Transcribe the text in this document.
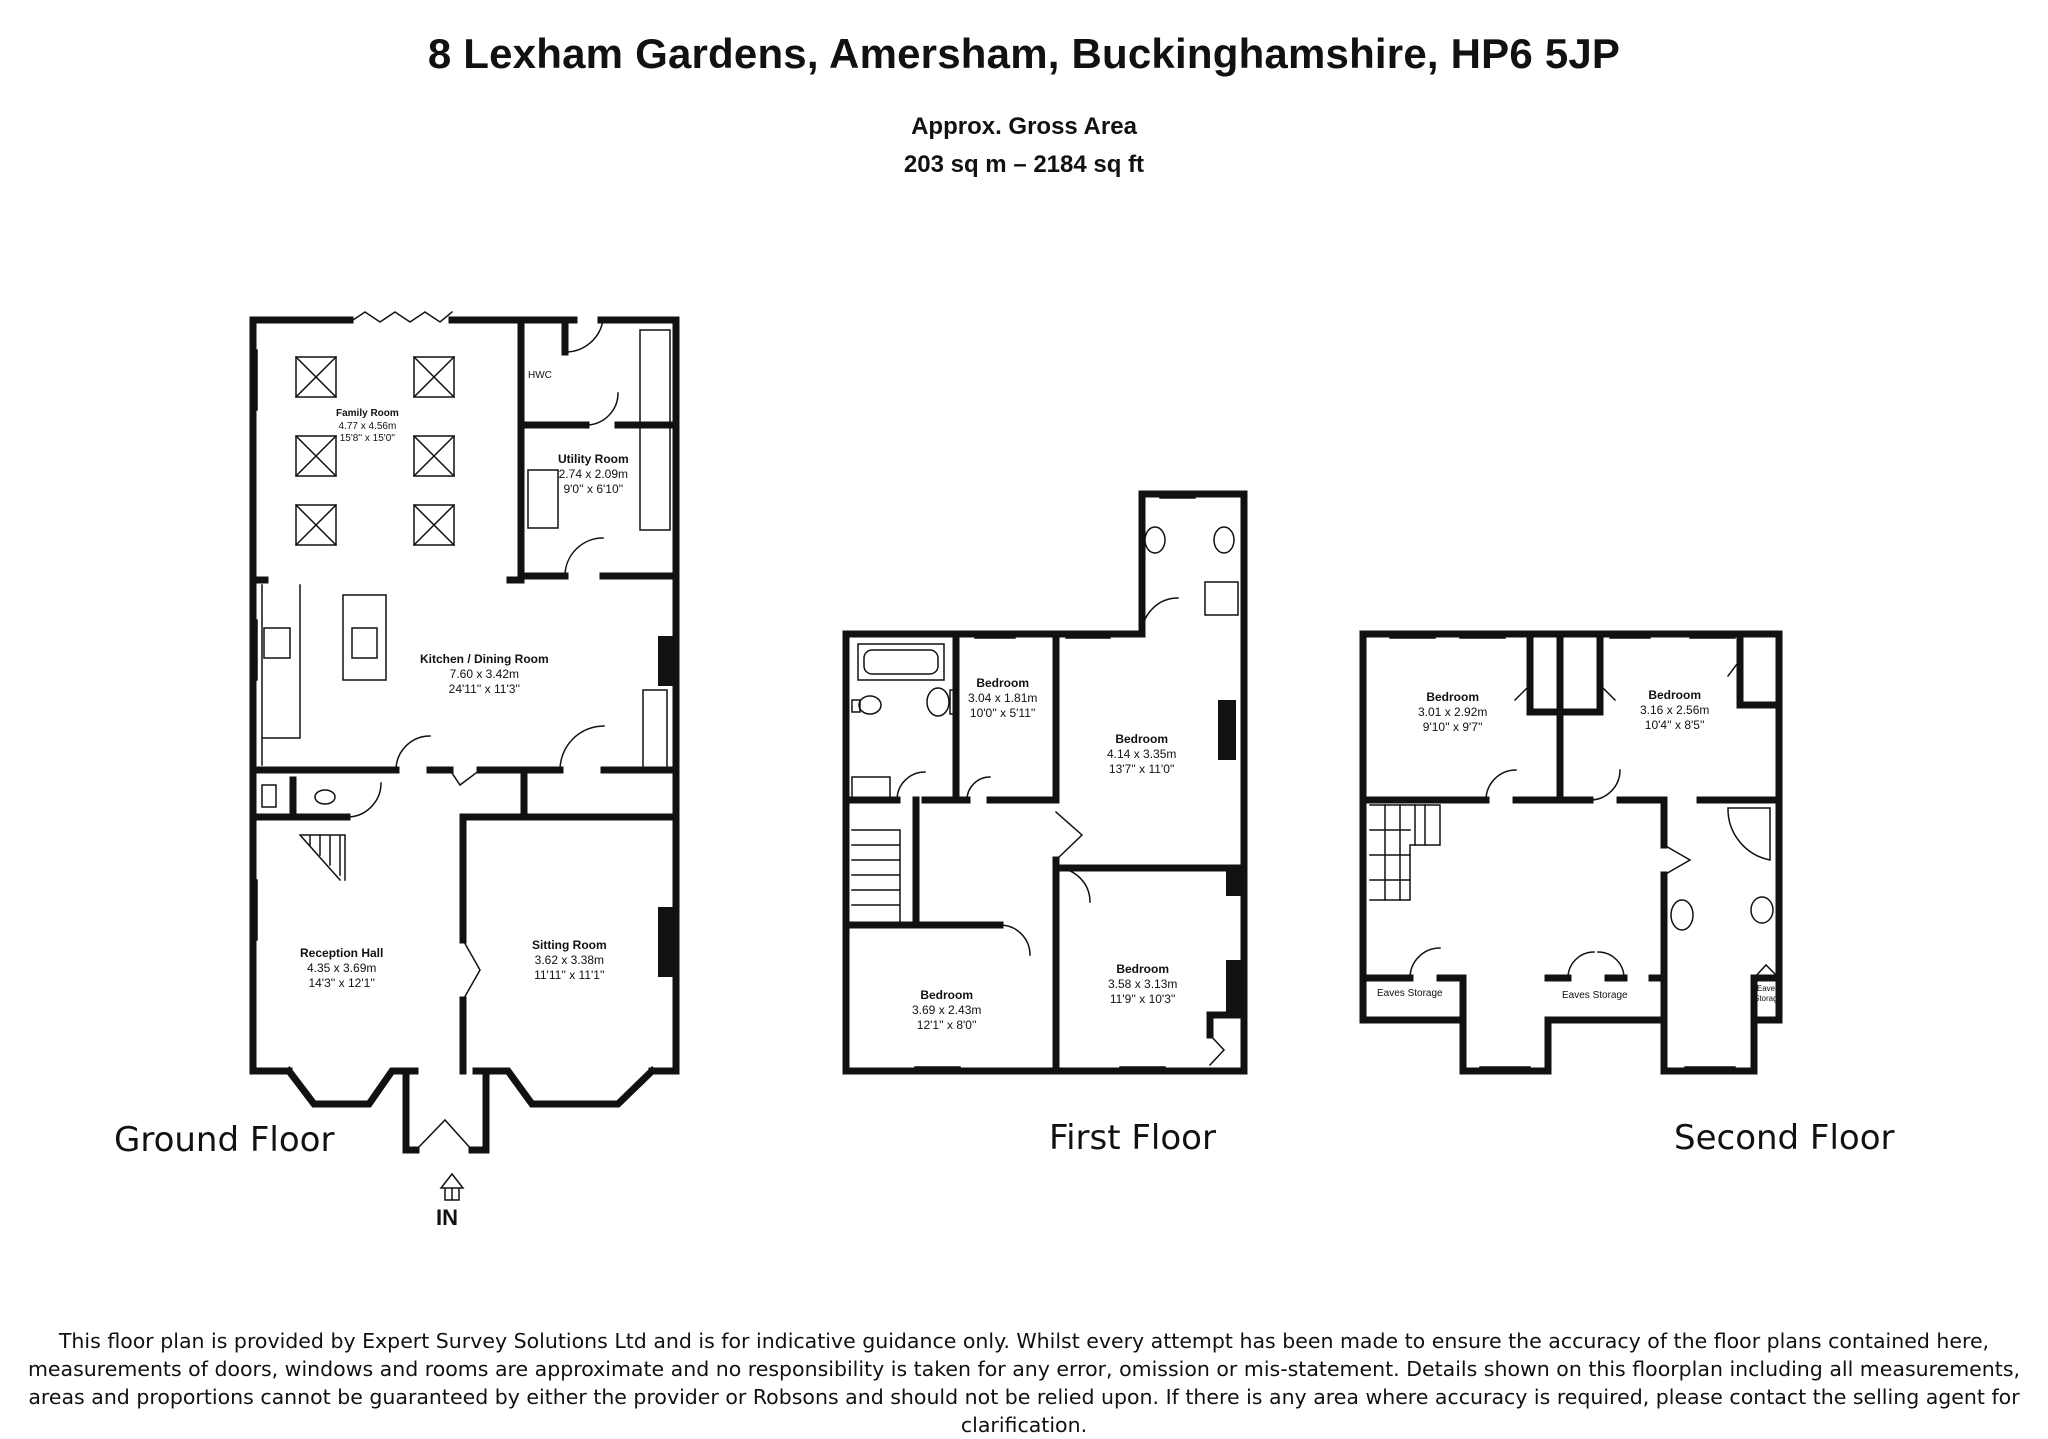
8 Lexham Gardens, Amersham, Buckinghamshire, HP6 5JP
Approx. Gross Area
203 sq m – 2184 sq ft
Family Room
4.77 x 4.56m
15'8'' x 15'0''
Utility Room
2.74 x 2.09m
9'0'' x 6'10''
HWC
Kitchen / Dining Room
7.60 x 3.42m
24'11'' x 11'3''
Reception Hall
4.35 x 3.69m
14'3'' x 12'1''
Sitting Room
3.62 x 3.38m
11'11'' x 11'1''
Bedroom
3.04 x 1.81m
10'0'' x 5'11''
Bedroom
4.14 x 3.35m
13'7'' x 11'0''
Bedroom
3.69 x 2.43m
12'1'' x 8'0''
Bedroom
3.58 x 3.13m
11'9'' x 10'3''
Bedroom
3.01 x 2.92m
9'10'' x 9'7''
Bedroom
3.16 x 2.56m
10'4'' x 8'5''
Eaves Storage	Eaves Storage
Eaves
Storage
Ground Floor	First Floor	Second Floor
IN
This floor plan is provided by Expert Survey Solutions Ltd and is for indicative guidance only. Whilst every attempt has been made to ensure the accuracy of the floor plans contained here, measurements of doors, windows and rooms are approximate and no responsibility is taken for any error, omission or mis-statement. Details shown on this floorplan including all measurements, areas and proportions cannot be guaranteed by either the provider or Robsons and should not be relied upon. If there is any area where accuracy is required, please contact the selling agent for clarification.
